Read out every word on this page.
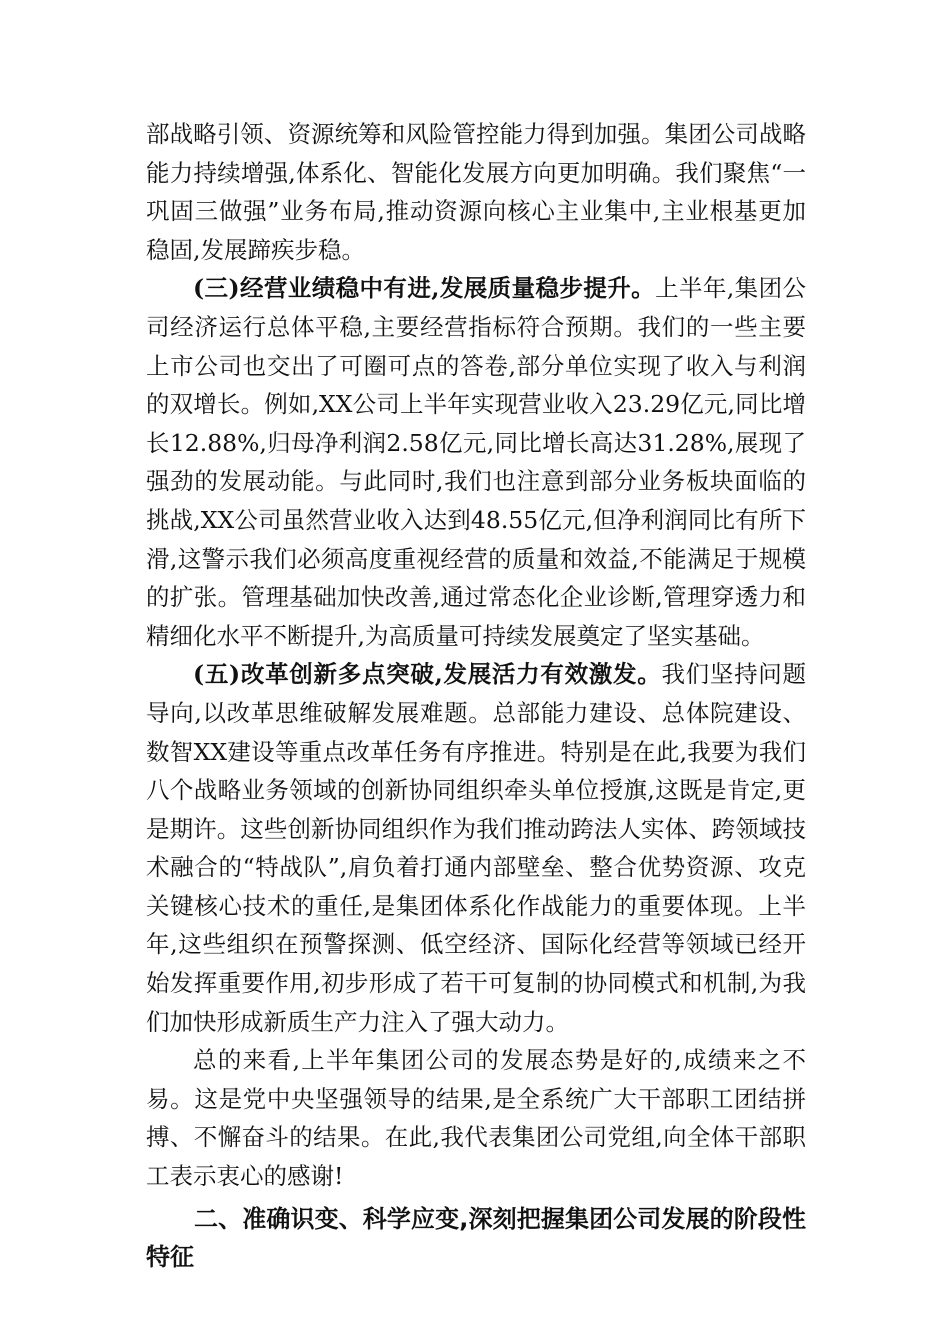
部战略引领、资源统筹和风险管控能力得到加强。集团公司战略能力持续增强,体系化、智能化发展方向更加明确。我们聚焦“一巩固三做强”业务布局,推动资源向核心主业集中,主业根基更加稳固,发展蹄疾步稳。

(三)经营业绩稳中有进,发展质量稳步提升。上半年,集团公司经济运行总体平稳,主要经营指标符合预期。我们的一些主要上市公司也交出了可圈可点的答卷,部分单位实现了收入与利润的双增长。例如,XX公司上半年实现营业收入23.29亿元,同比增长12.88%,归母净利润2.58亿元,同比增长高达31.28%,展现了强劲的发展动能。与此同时,我们也注意到部分业务板块面临的挑战,XX公司虽然营业收入达到48.55亿元,但净利润同比有所下滑,这警示我们必须高度重视经营的质量和效益,不能满足于规模的扩张。管理基础加快改善,通过常态化企业诊断,管理穿透力和精细化水平不断提升,为高质量可持续发展奠定了坚实基础。

(五)改革创新多点突破,发展活力有效激发。我们坚持问题导向,以改革思维破解发展难题。总部能力建设、总体院建设、数智XX建设等重点改革任务有序推进。特别是在此,我要为我们八个战略业务领域的创新协同组织牵头单位授旗,这既是肯定,更是期许。这些创新协同组织作为我们推动跨法人实体、跨领域技术融合的“特战队”,肩负着打通内部壁垒、整合优势资源、攻克关键核心技术的重任,是集团体系化作战能力的重要体现。上半年,这些组织在预警探测、低空经济、国际化经营等领域已经开始发挥重要作用,初步形成了若干可复制的协同模式和机制,为我们加快形成新质生产力注入了强大动力。

总的来看,上半年集团公司的发展态势是好的,成绩来之不易。这是党中央坚强领导的结果,是全系统广大干部职工团结拼搏、不懈奋斗的结果。在此,我代表集团公司党组,向全体干部职工表示衷心的感谢!

二、准确识变、科学应变,深刻把握集团公司发展的阶段性特征
